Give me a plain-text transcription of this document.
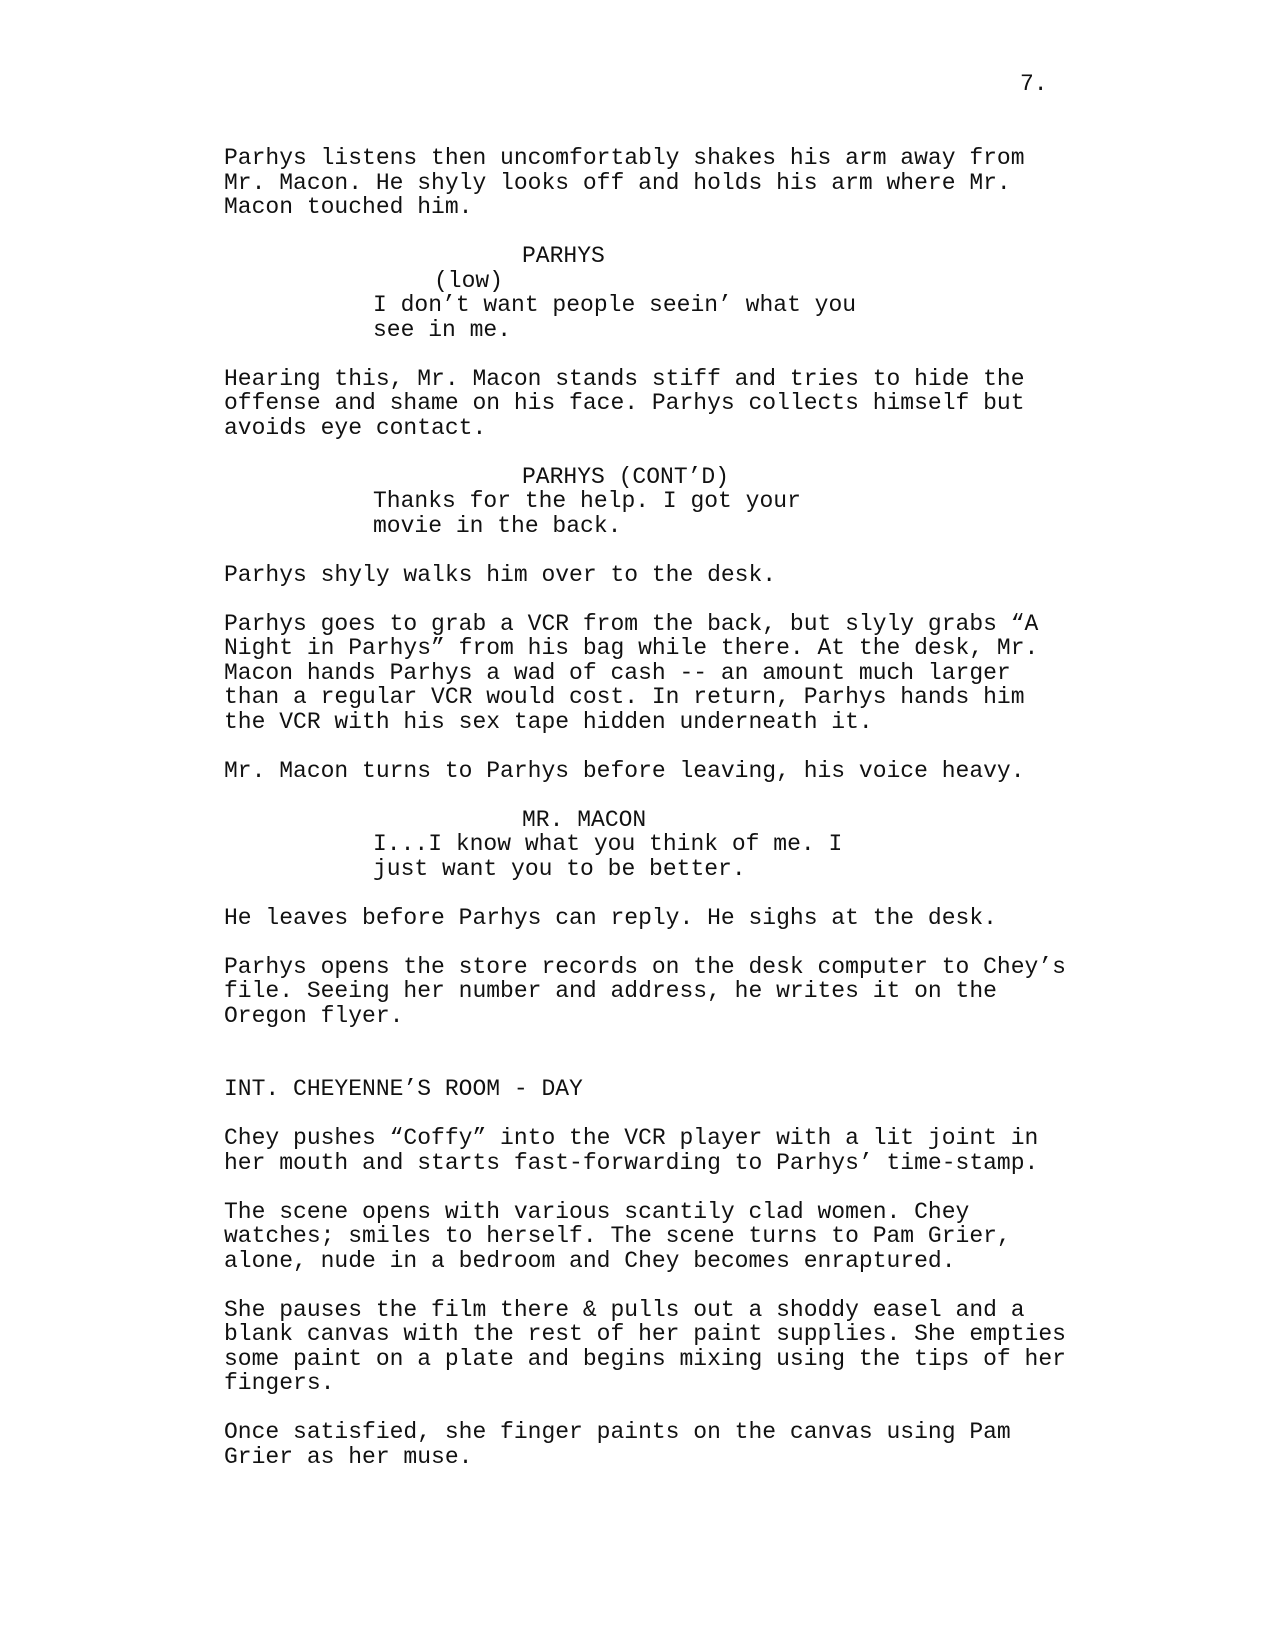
7.

Parhys listens then uncomfortably shakes his arm away from
Mr. Macon. He shyly looks off and holds his arm where Mr.
Macon touched him.

PARHYS
(low)
I don’t want people seein’ what you
see in me.

Hearing this, Mr. Macon stands stiff and tries to hide the
offense and shame on his face. Parhys collects himself but
avoids eye contact.

PARHYS (CONT’D)
Thanks for the help. I got your
movie in the back.

Parhys shyly walks him over to the desk.

Parhys goes to grab a VCR from the back, but slyly grabs “A
Night in Parhys” from his bag while there. At the desk, Mr.
Macon hands Parhys a wad of cash -- an amount much larger
than a regular VCR would cost. In return, Parhys hands him
the VCR with his sex tape hidden underneath it.

Mr. Macon turns to Parhys before leaving, his voice heavy.

MR. MACON
I...I know what you think of me. I
just want you to be better.

He leaves before Parhys can reply. He sighs at the desk.

Parhys opens the store records on the desk computer to Chey’s
file. Seeing her number and address, he writes it on the
Oregon flyer.

INT. CHEYENNE’S ROOM - DAY

Chey pushes “Coffy” into the VCR player with a lit joint in
her mouth and starts fast-forwarding to Parhys’ time-stamp.

The scene opens with various scantily clad women. Chey
watches; smiles to herself. The scene turns to Pam Grier,
alone, nude in a bedroom and Chey becomes enraptured.

She pauses the film there & pulls out a shoddy easel and a
blank canvas with the rest of her paint supplies. She empties
some paint on a plate and begins mixing using the tips of her
fingers.

Once satisfied, she finger paints on the canvas using Pam
Grier as her muse.
